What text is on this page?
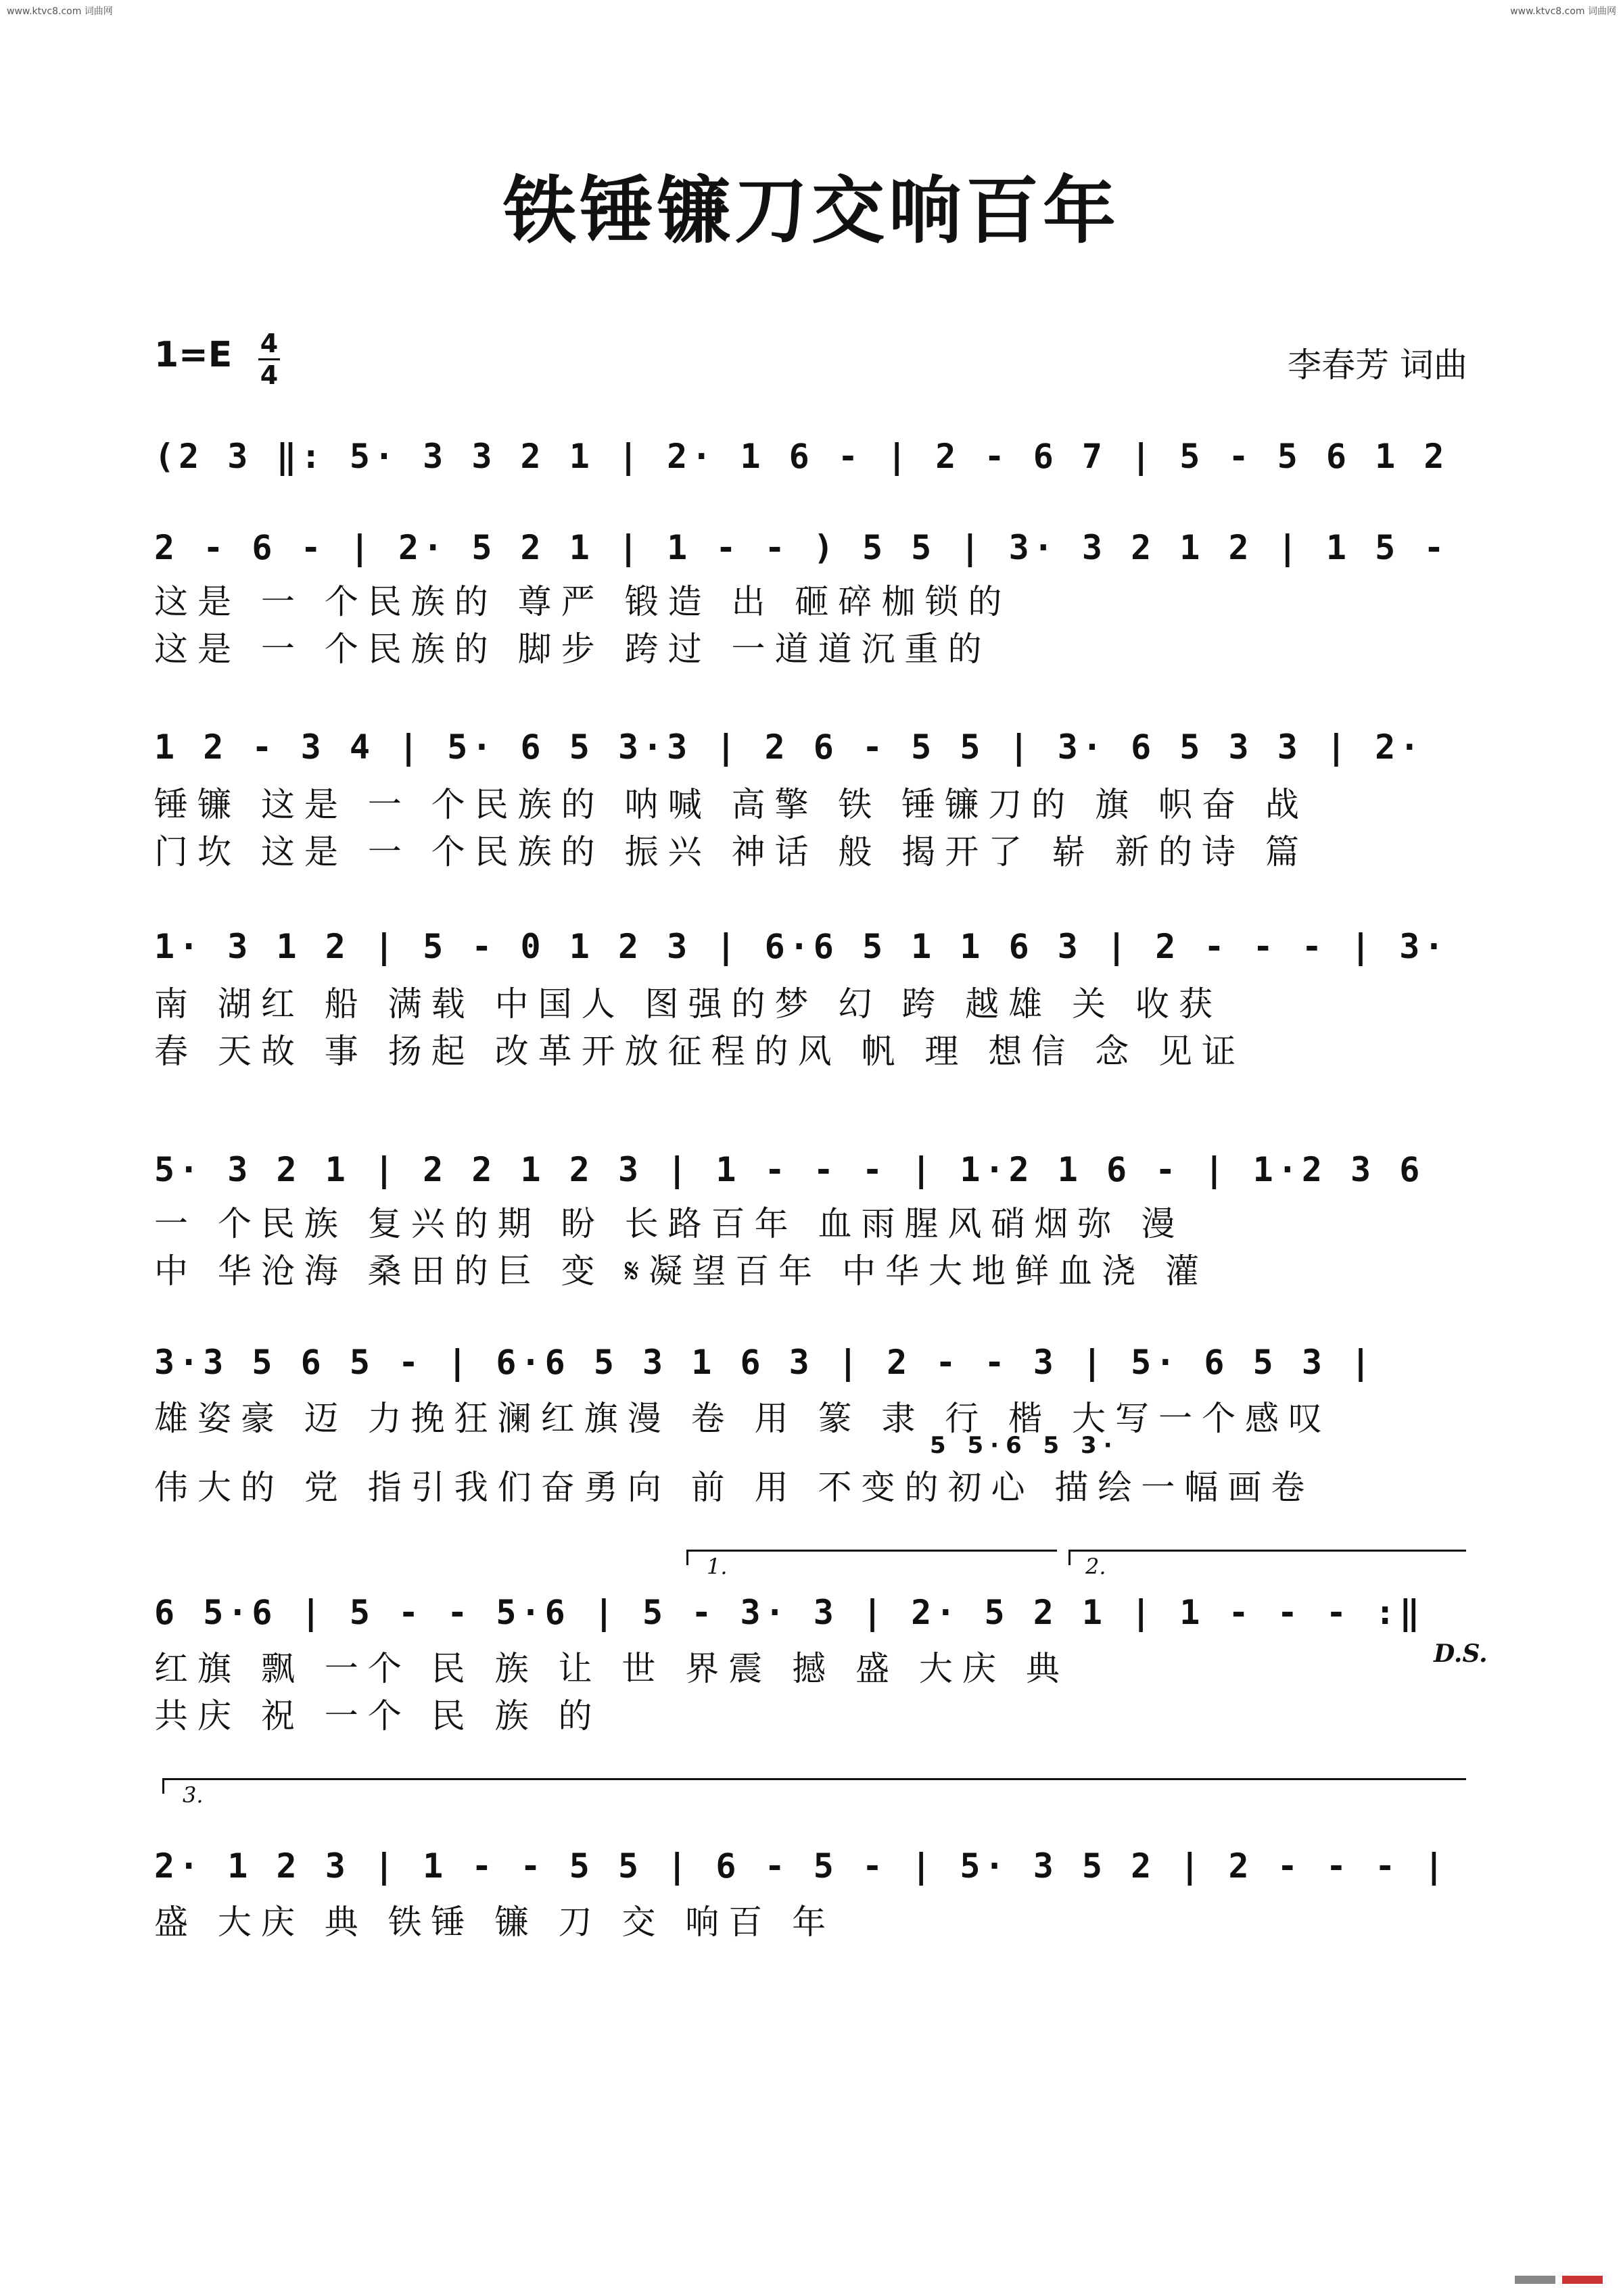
www.ktvc8.com 词曲网	www.ktvc8.com 词曲网
铁锤镰刀交响百年
1=E 4
4	李春芳 词曲
(2 3 ‖: 5· 3 3 2 1 | 2· 1 6 - | 2 - 6 7 | 5 - 5 6 1 2
2 - 6 - | 2· 5 2 1 | 1 - - ) 5 5 | 3· 3 2 1 2 | 1 5 -
这是 一 个民族的 尊严 锻造 出 砸碎枷锁的
这是 一 个民族的 脚步 跨过 一道道沉重的
1 2 - 3 4 | 5· 6 5 3·3 | 2 6 - 5 5 | 3· 6 5 3 3 | 2·
锤镰 这是 一 个民族的 呐喊 高擎 铁 锤镰刀的 旗 帜奋 战
门坎 这是 一 个民族的 振兴 神话 般 揭开了 崭 新的诗 篇
1· 3 1 2 | 5 - 0 1 2 3 | 6·6 5 1 1 6 3 | 2 - - - | 3·
南 湖红 船 满载 中国人 图强的梦 幻 跨 越雄 关 收获
春 天故 事 扬起 改革开放征程的风 帆 理 想信 念 见证
5· 3 2 1 | 2 2 1 2 3 | 1 - - - | 1·2 1 6 - | 1·2 3 6
一 个民族 复兴的期 盼 长路百年 血雨腥风硝烟弥 漫
中 华沧海 桑田的巨 变 𝄋凝望百年 中华大地鲜血浇 灌
3·3 5 6 5 - | 6·6 5 3 1 6 3 | 2 - - 3 | 5· 6 5 3 |
雄姿豪 迈 力挽狂澜红旗漫 卷 用 篆 隶 行 楷 大写一个感叹
5 5·6 5 3·
伟大的 党 指引我们奋勇向 前 用 不变的初心 描绘一幅画卷
1.	2.
6 5·6 | 5 - - 5·6 | 5 - 3· 3 | 2· 5 2 1 | 1 - - - :‖
红旗 飘 一个 民 族 让 世 界震 撼 盛 大庆 典	D.S.
共庆 祝 一个 民 族 的
3.
2· 1 2 3 | 1 - - 5 5 | 6 - 5 - | 5· 3 5 2 | 2 - - - |
盛 大庆 典 铁锤 镰 刀 交 响百 年
